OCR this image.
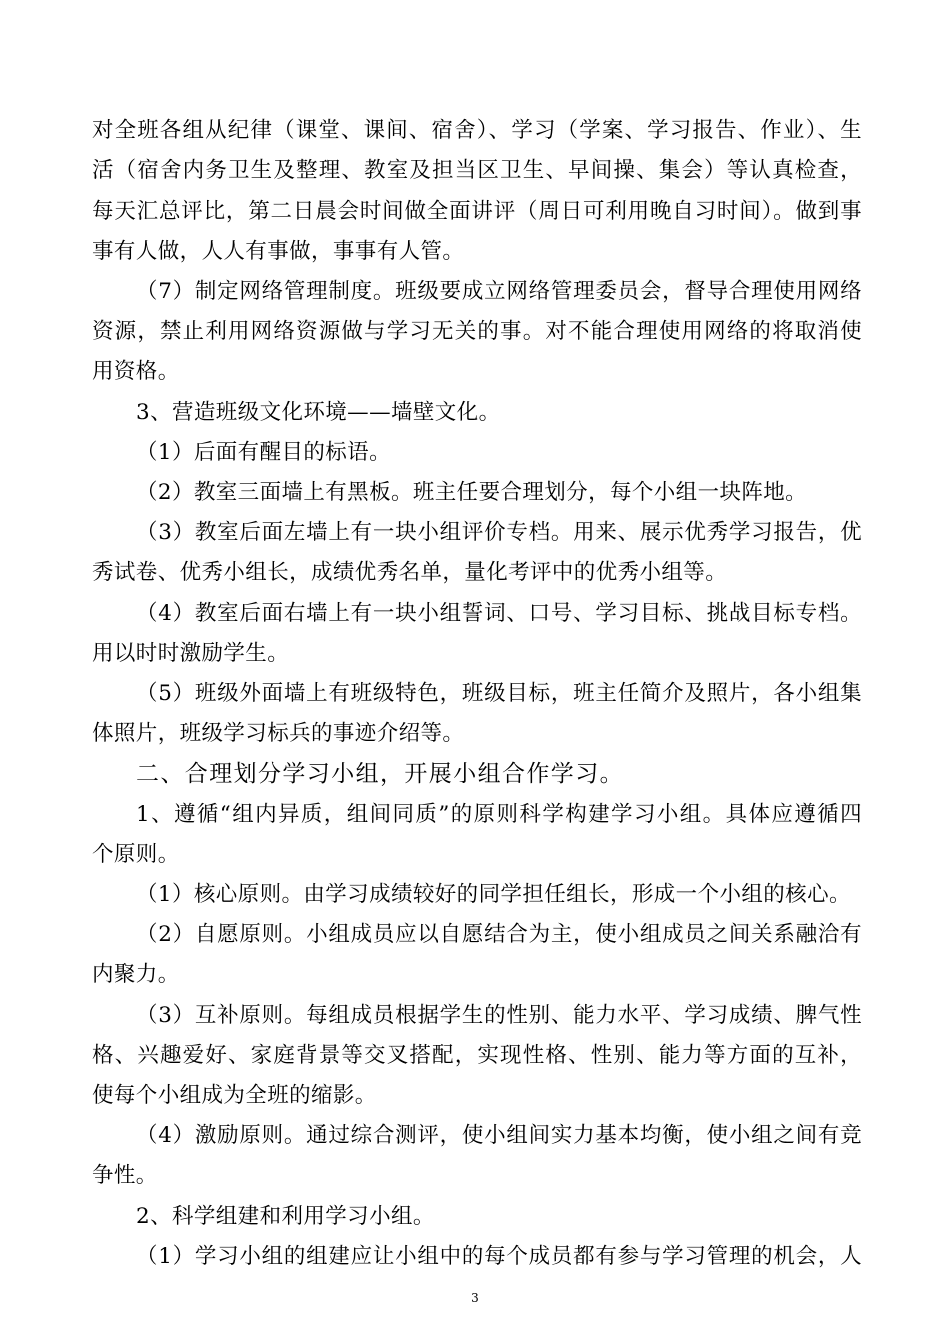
对全班各组从纪律（课堂、课间、宿舍）、学习（学案、学习报告、作业）、生
活（宿舍内务卫生及整理、教室及担当区卫生、早间操、集会）等认真检查，
每天汇总评比，第二日晨会时间做全面讲评（周日可利用晚自习时间）。做到事
事有人做，人人有事做，事事有人管。
（7）制定网络管理制度。班级要成立网络管理委员会，督导合理使用网络
资源，禁止利用网络资源做与学习无关的事。对不能合理使用网络的将取消使
用资格。
3、营造班级文化环境——墙壁文化。
（1）后面有醒目的标语。
（2）教室三面墙上有黑板。班主任要合理划分，每个小组一块阵地。
（3）教室后面左墙上有一块小组评价专档。用来、展示优秀学习报告，优
秀试卷、优秀小组长，成绩优秀名单，量化考评中的优秀小组等。
（4）教室后面右墙上有一块小组誓词、口号、学习目标、挑战目标专档。
用以时时激励学生。
（5）班级外面墙上有班级特色，班级目标，班主任简介及照片，各小组集
体照片，班级学习标兵的事迹介绍等。
二、合理划分学习小组，开展小组合作学习。
1、遵循“组内异质，组间同质”的原则科学构建学习小组。具体应遵循四
个原则。
（1）核心原则。由学习成绩较好的同学担任组长，形成一个小组的核心。
（2）自愿原则。小组成员应以自愿结合为主，使小组成员之间关系融洽有
内聚力。
（3）互补原则。每组成员根据学生的性别、能力水平、学习成绩、脾气性
格、兴趣爱好、家庭背景等交叉搭配，实现性格、性别、能力等方面的互补，
使每个小组成为全班的缩影。
（4）激励原则。通过综合测评，使小组间实力基本均衡，使小组之间有竞
争性。
2、科学组建和利用学习小组。
（1）学习小组的组建应让小组中的每个成员都有参与学习管理的机会，人
3
